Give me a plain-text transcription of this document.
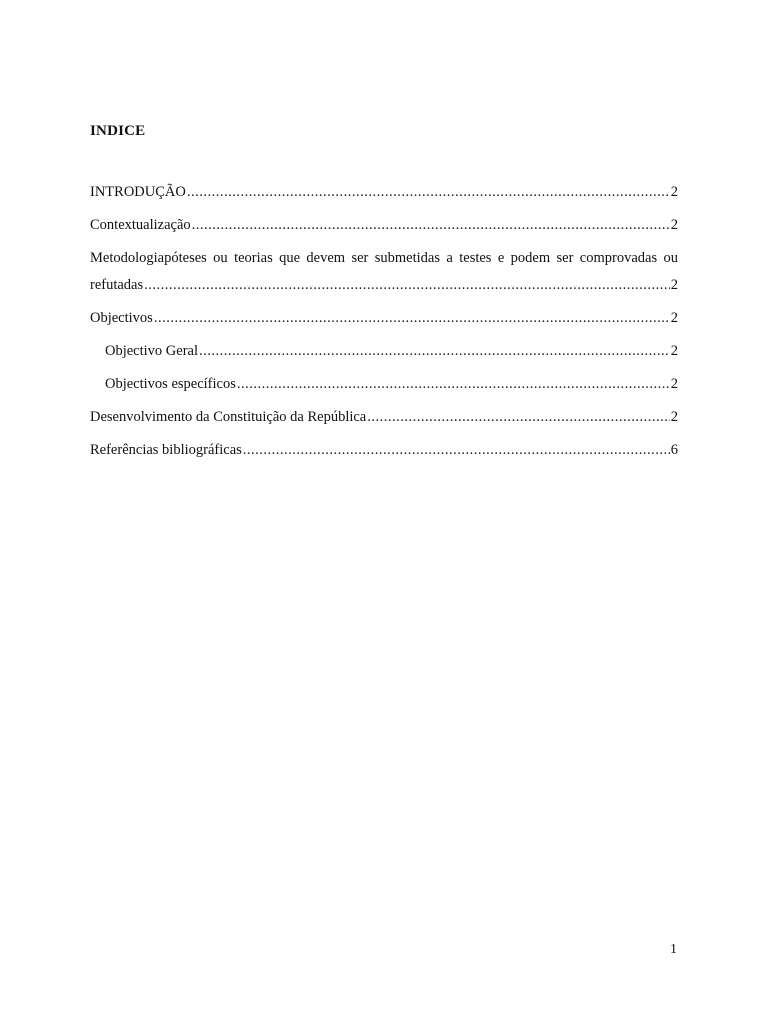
INDICE
INTRODUÇÃO .....	2
Contextualização .....	2
Metodologiapóteses ou teorias que devem ser submetidas a testes e podem ser comprovadas ou
refutadas .....	2
Objectivos .....	2
Objectivo Geral .....	2
Objectivos específicos .....	2
Desenvolvimento da Constituição da República .....	2
Referências bibliográficas .....	6
1
